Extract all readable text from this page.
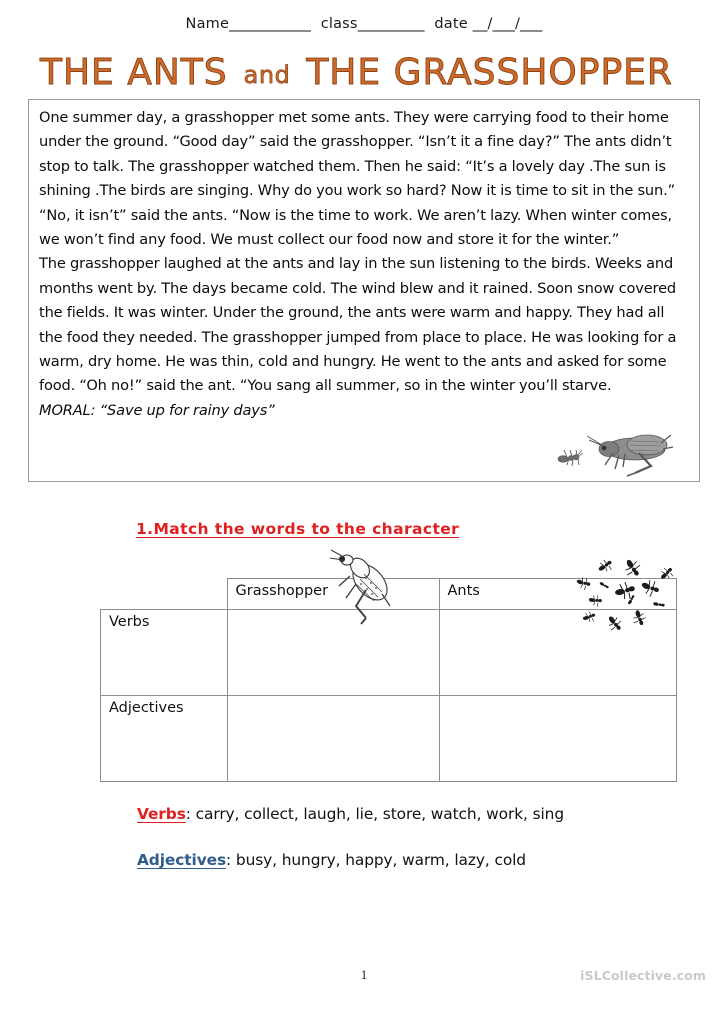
Name___________  class_________  date __/___/___
THE ANTS and THE GRASSHOPPER

One summer day, a grasshopper met some ants. They were carrying food to their home under the ground. “Good day” said the grasshopper. “Isn’t it a fine day?” The ants didn’t stop to talk. The grasshopper watched them. Then he said: “It’s a lovely day .The sun is shining .The birds are singing. Why do you work so hard? Now it is time to sit in the sun.” “No, it isn’t” said the ants. “Now is the time to work. We aren’t lazy. When winter comes, we won’t find any food. We must collect our food now and store it for the winter.”

The grasshopper laughed at the ants and lay in the sun listening to the birds. Weeks and months went by. The days became cold. The wind blew and it rained. Soon snow covered the fields. It was winter. Under the ground, the ants were warm and happy. They had all the food they needed. The grasshopper jumped from place to place. He was looking for a warm, dry home. He was thin, cold and hungry. He went to the ants and asked for some food. “Oh no!” said the ant. “You sang all summer, so in the winter you’ll starve.

MORAL: “Save up for rainy days”

1.Match the words to the character
	Grasshopper	Ants
Verbs		
Adjectives		
Verbs: carry, collect, laugh, lie, store, watch, work, sing
Adjectives: busy, hungry, happy, warm, lazy, cold
1	iSLCollective.com
